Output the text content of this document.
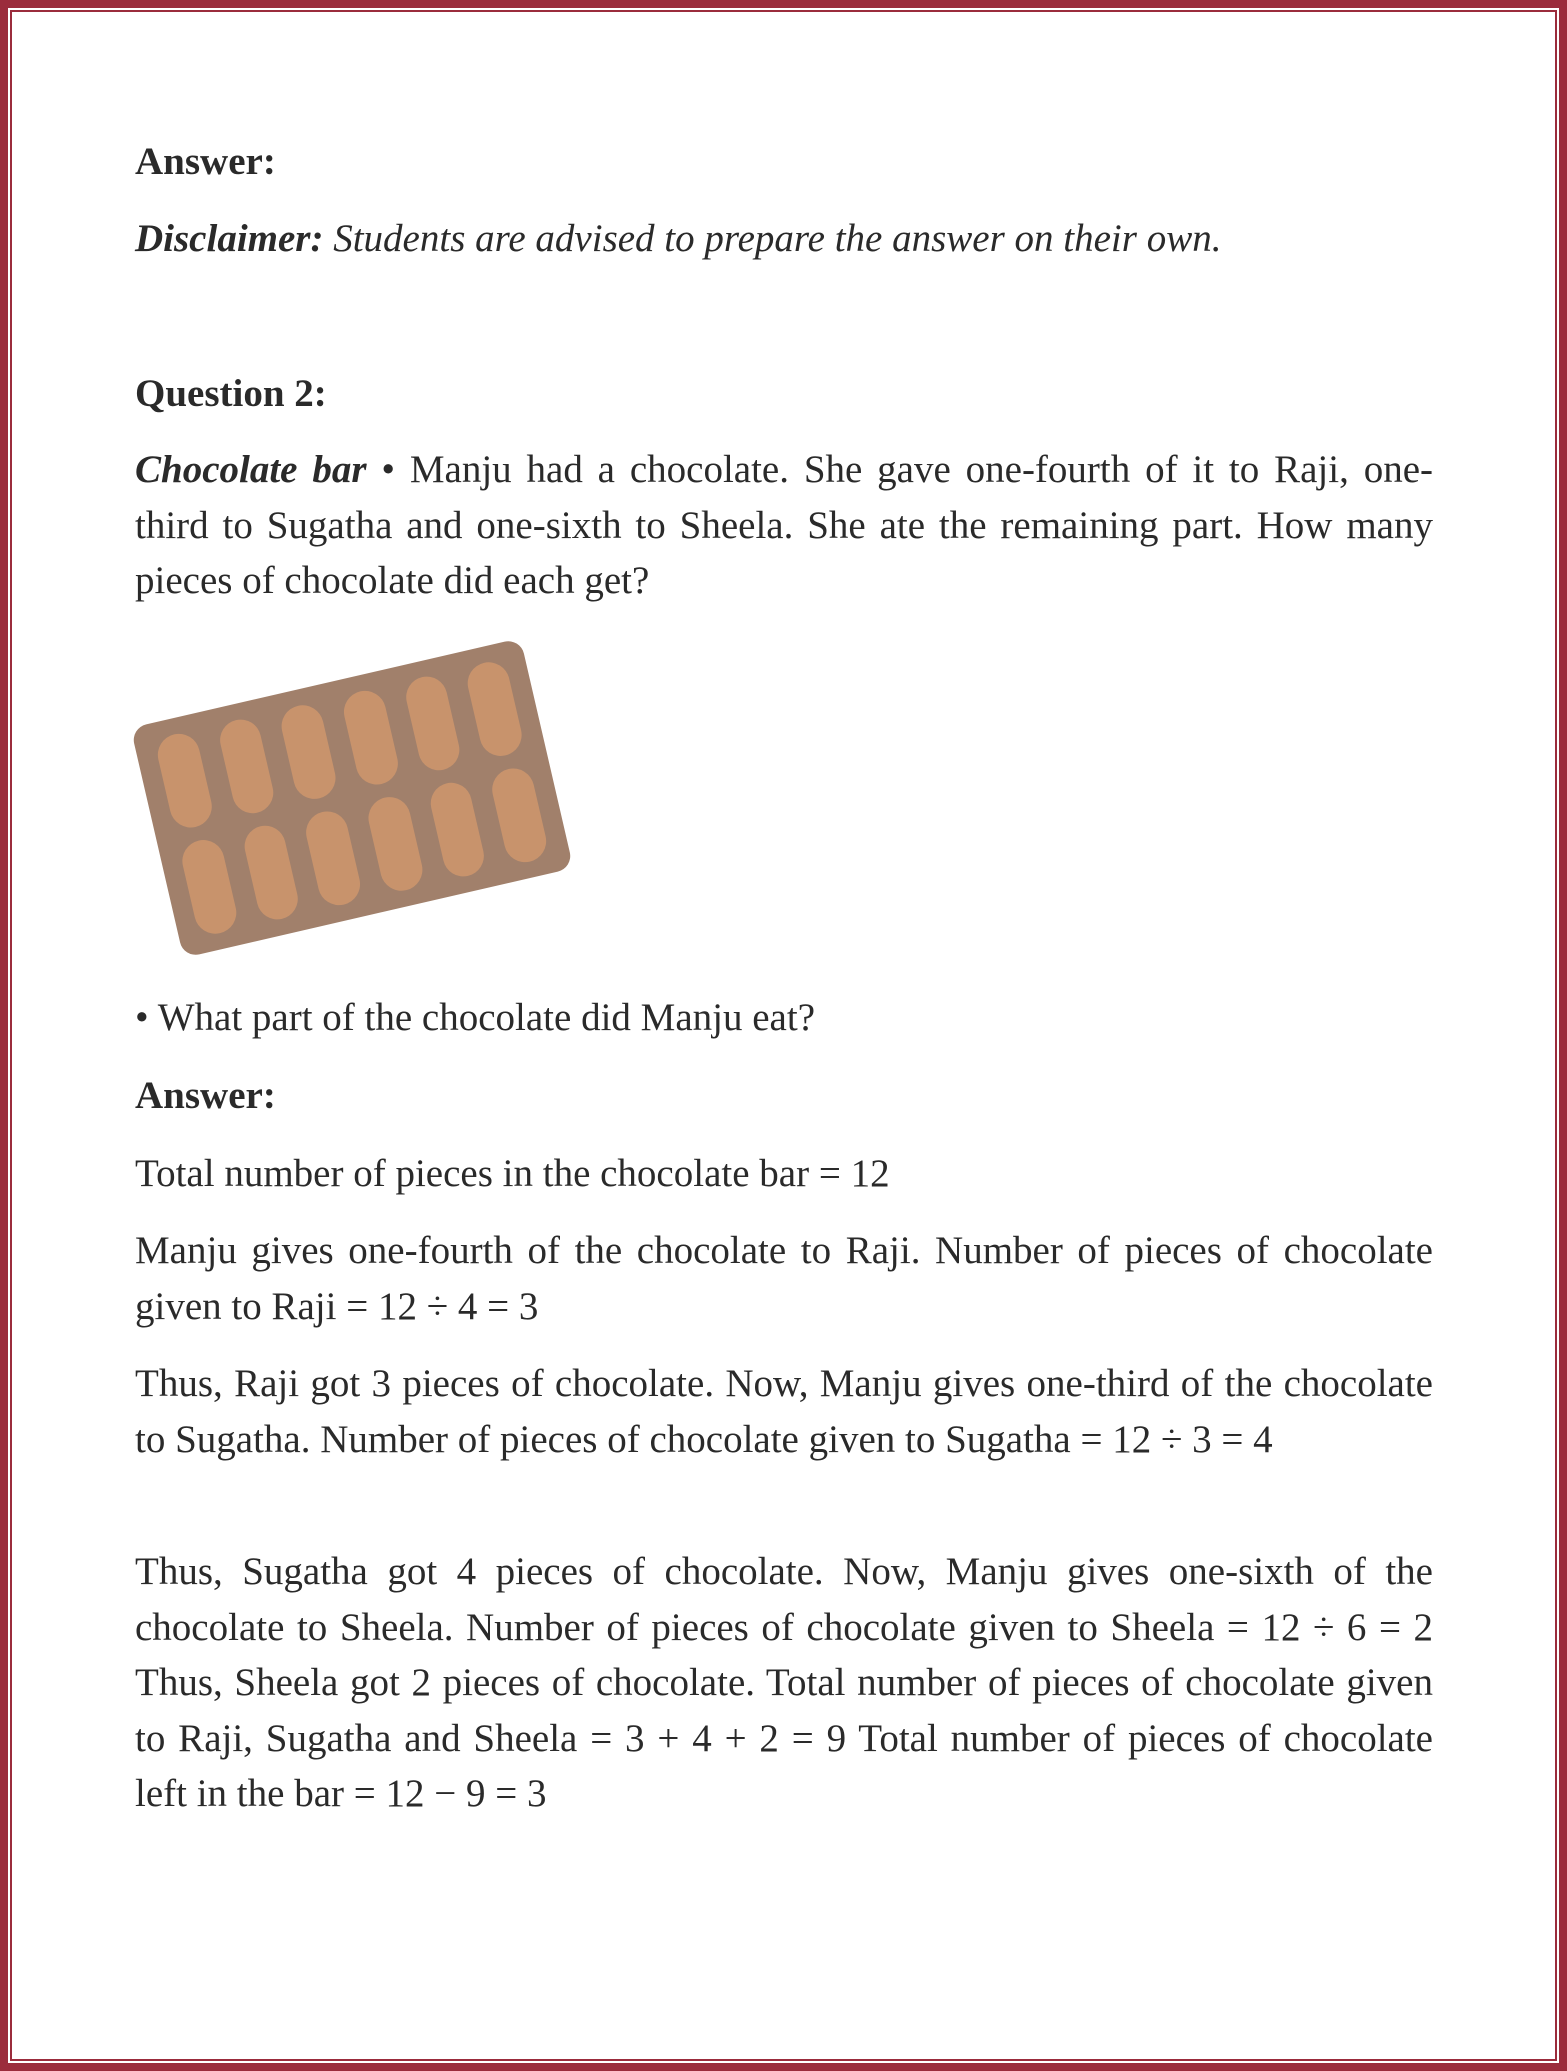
Answer:
Disclaimer: Students are advised to prepare the answer on their own.
Question 2:
Chocolate bar • Manju had a chocolate. She gave one-fourth of it to Raji, one-third to Sugatha and one-sixth to Sheela. She ate the remaining part. How many pieces of chocolate did each get?
• What part of the chocolate did Manju eat?
Answer:
Total number of pieces in the chocolate bar = 12
Manju gives one-fourth of the chocolate to Raji. Number of pieces of chocolate given to Raji = 12 ÷ 4 = 3
Thus, Raji got 3 pieces of chocolate. Now, Manju gives one-third of the chocolate to Sugatha. Number of pieces of chocolate given to Sugatha = 12 ÷ 3 = 4
Thus, Sugatha got 4 pieces of chocolate. Now, Manju gives one-sixth of the chocolate to Sheela. Number of pieces of chocolate given to Sheela = 12 ÷ 6 = 2 Thus, Sheela got 2 pieces of chocolate. Total number of pieces of chocolate given to Raji, Sugatha and Sheela = 3 + 4 + 2 = 9 Total number of pieces of chocolate left in the bar = 12 − 9 = 3
